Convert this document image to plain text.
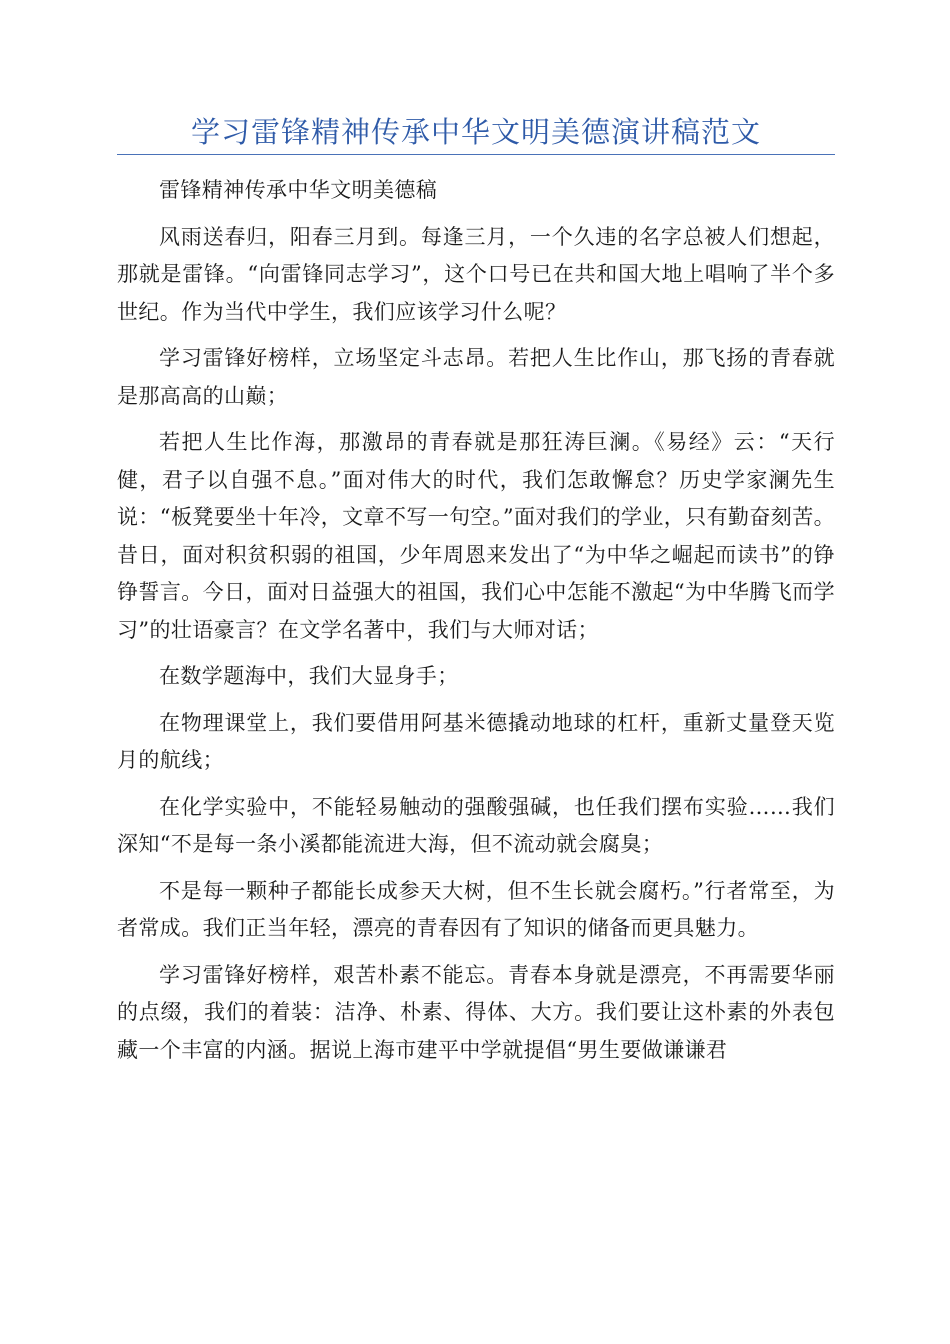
学习雷锋精神传承中华文明美德演讲稿范文

雷锋精神传承中华文明美德稿

风雨送春归，阳春三月到。每逢三月，一个久违的名字总被人们想起，那就是雷锋。“向雷锋同志学习”，这个口号已在共和国大地上唱响了半个多世纪。作为当代中学生，我们应该学习什么呢？

学习雷锋好榜样，立场坚定斗志昂。若把人生比作山，那飞扬的青春就是那高高的山巅；

若把人生比作海，那激昂的青春就是那狂涛巨澜。《易经》云：“天行健，君子以自强不息。”面对伟大的时代，我们怎敢懈怠？历史学家澜先生说：“板凳要坐十年冷，文章不写一句空。”面对我们的学业，只有勤奋刻苦。昔日，面对积贫积弱的祖国，少年周恩来发出了“为中华之崛起而读书”的铮铮誓言。今日，面对日益强大的祖国，我们心中怎能不激起“为中华腾飞而学习”的壮语豪言？在文学名著中，我们与大师对话；

在数学题海中，我们大显身手；

在物理课堂上，我们要借用阿基米德撬动地球的杠杆，重新丈量登天览月的航线；

在化学实验中，不能轻易触动的强酸强碱，也任我们摆布实验……我们深知“不是每一条小溪都能流进大海，但不流动就会腐臭；

不是每一颗种子都能长成参天大树，但不生长就会腐朽。”行者常至，为者常成。我们正当年轻，漂亮的青春因有了知识的储备而更具魅力。

学习雷锋好榜样，艰苦朴素不能忘。青春本身就是漂亮，不再需要华丽的点缀，我们的着装：洁净、朴素、得体、大方。我们要让这朴素的外表包藏一个丰富的内涵。据说上海市建平中学就提倡“男生要做谦谦君
